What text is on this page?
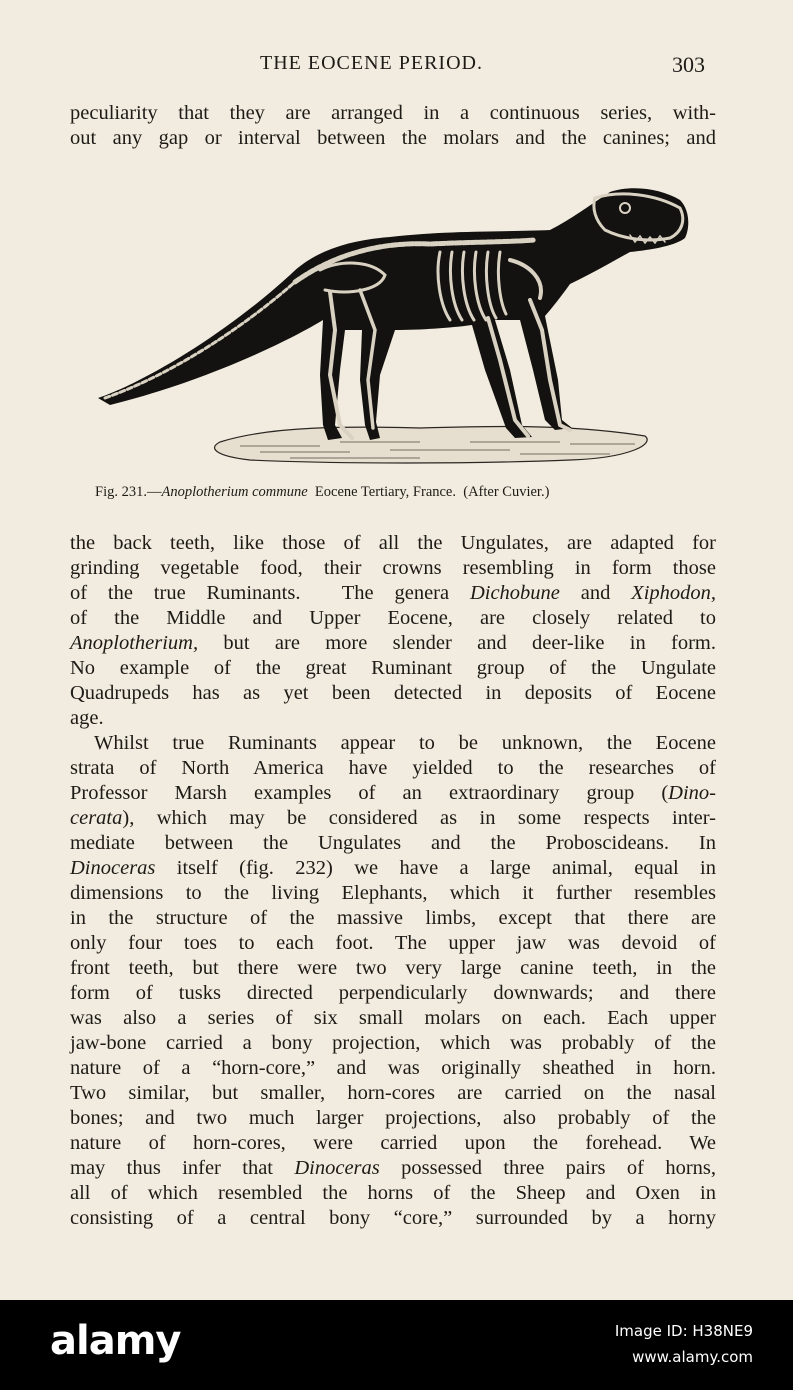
THE EOCENE PERIOD.	303
peculiarity that they are arranged in a continuous series, with-
out any gap or interval between the molars and the canines; and
Fig. 231.—Anoplotherium commune  Eocene Tertiary, France.  (After Cuvier.)
the back teeth, like those of all the Ungulates, are adapted for
grinding vegetable food, their crowns resembling in form those
of the true Ruminants.  The genera Dichobune and Xiphodon,
of the Middle and Upper Eocene, are closely related to
Anoplotherium, but are more slender and deer-like in form.
No example of the great Ruminant group of the Ungulate
Quadrupeds has as yet been detected in deposits of Eocene
age.
Whilst true Ruminants appear to be unknown, the Eocene
strata of North America have yielded to the researches of
Professor Marsh examples of an extraordinary group (Dino-
cerata), which may be considered as in some respects inter-
mediate between the Ungulates and the Proboscideans. In
Dinoceras itself (fig. 232) we have a large animal, equal in
dimensions to the living Elephants, which it further resembles
in the structure of the massive limbs, except that there are
only four toes to each foot. The upper jaw was devoid of
front teeth, but there were two very large canine teeth, in the
form of tusks directed perpendicularly downwards; and there
was also a series of six small molars on each. Each upper
jaw-bone carried a bony projection, which was probably of the
nature of a “horn-core,” and was originally sheathed in horn.
Two similar, but smaller, horn-cores are carried on the nasal
bones; and two much larger projections, also probably of the
nature of horn-cores, were carried upon the forehead. We
may thus infer that Dinoceras possessed three pairs of horns,
all of which resembled the horns of the Sheep and Oxen in
consisting of a central bony “core,” surrounded by a horny
alamy	Image ID: H38NE9
www.alamy.com
